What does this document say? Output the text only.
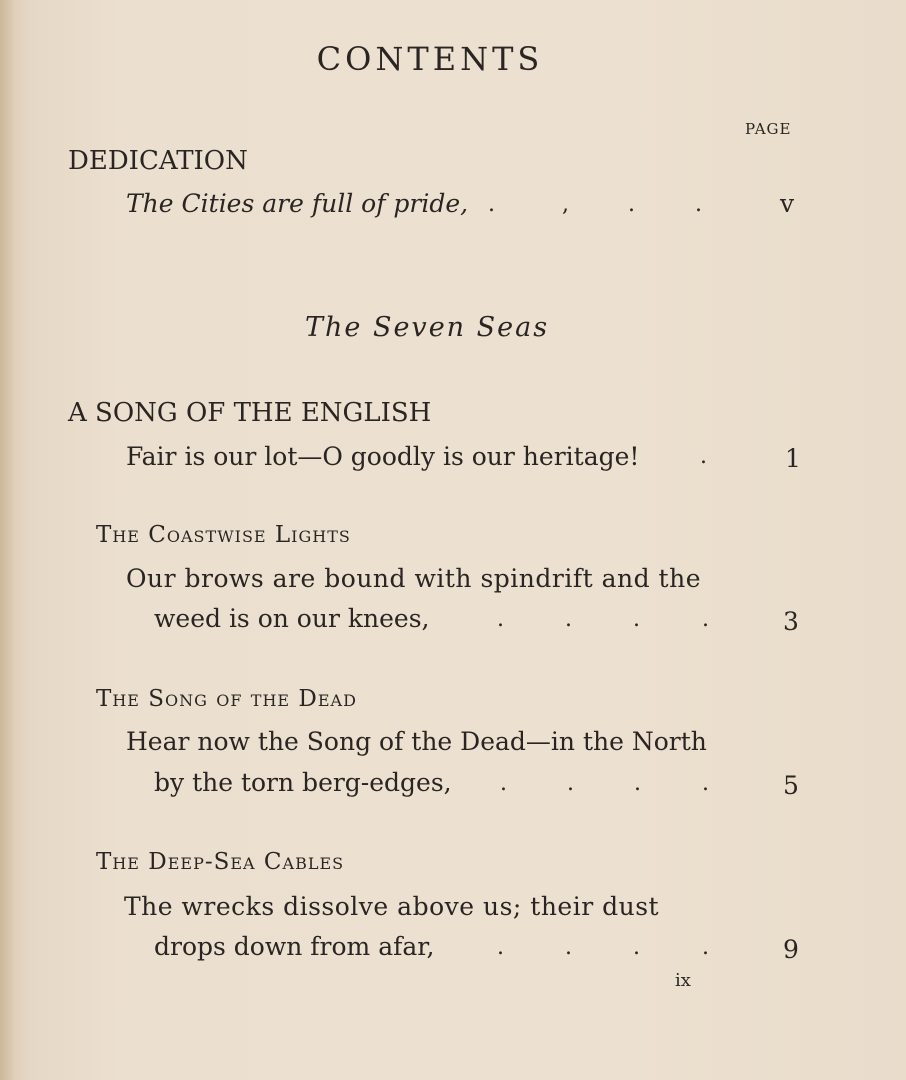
CONTENTS
PAGE
DEDICATION
The Cities are full of pride, .	,	.	.	v
The Seven Seas
A SONG OF THE ENGLISH
Fair is our lot—O goodly is our heritage!	.	1
The Coastwise Lights
Our brows are bound with spindrift and the
weed is on our knees,	.	.	.	.	3
The Song of the Dead
Hear now the Song of the Dead—in the North
by the torn berg-edges, .	.	.	.	5
The Deep-Sea Cables
The wrecks dissolve above us; their dust
drops down from afar,	.	.	.	.	9
ix
